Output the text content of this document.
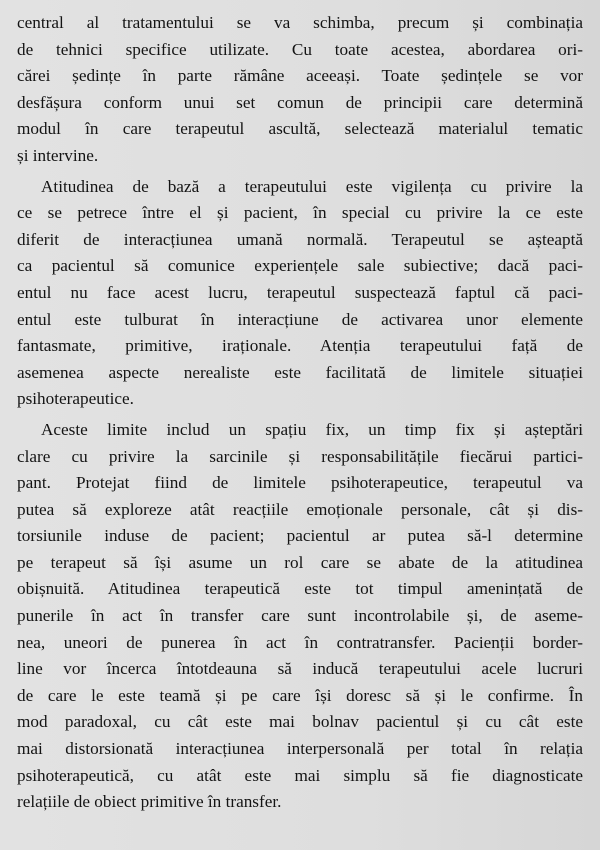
central al tratamentului se va schimba, precum și combinația
de tehnici specifice utilizate. Cu toate acestea, abordarea ori-
cărei ședințe în parte rămâne aceeași. Toate ședințele se vor
desfășura conform unui set comun de principii care determină
modul în care terapeutul ascultă, selectează materialul tematic
și intervine.
Atitudinea de bază a terapeutului este vigilența cu privire la
ce se petrece între el și pacient, în special cu privire la ce este
diferit de interacțiunea umană normală. Terapeutul se așteaptă
ca pacientul să comunice experiențele sale subiective; dacă paci-
entul nu face acest lucru, terapeutul suspectează faptul că paci-
entul este tulburat în interacțiune de activarea unor elemente
fantasmate, primitive, iraționale. Atenția terapeutului față de
asemenea aspecte nerealiste este facilitată de limitele situației
psihoterapeutice.
Aceste limite includ un spațiu fix, un timp fix și așteptări
clare cu privire la sarcinile și responsabilitățile fiecărui partici-
pant. Protejat fiind de limitele psihoterapeutice, terapeutul va
putea să exploreze atât reacțiile emoționale personale, cât și dis-
torsiunile induse de pacient; pacientul ar putea să-l determine
pe terapeut să își asume un rol care se abate de la atitudinea
obișnuită. Atitudinea terapeutică este tot timpul amenințată de
punerile în act în transfer care sunt incontrolabile și, de aseme-
nea, uneori de punerea în act în contratransfer. Pacienții border-
line vor încerca întotdeauna să inducă terapeutului acele lucruri
de care le este teamă și pe care își doresc să și le confirme. În
mod paradoxal, cu cât este mai bolnav pacientul și cu cât este
mai distorsionată interacțiunea interpersonală per total în relația
psihoterapeutică, cu atât este mai simplu să fie diagnosticate
relațiile de obiect primitive în transfer.
